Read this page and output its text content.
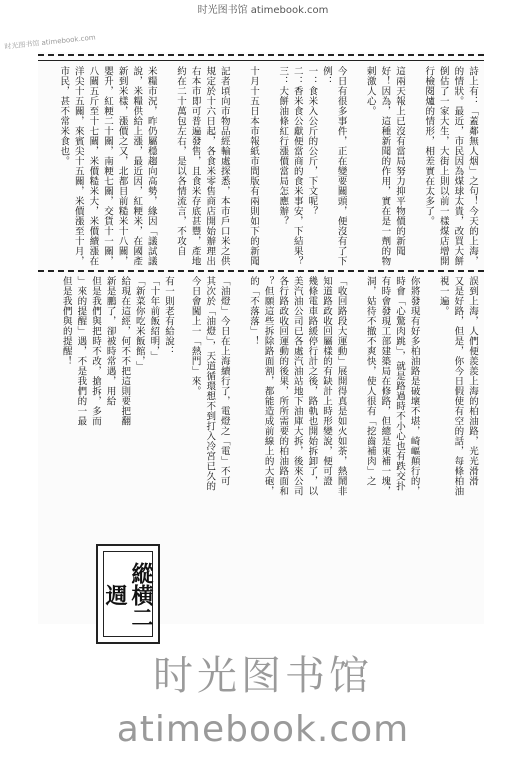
时光图书馆 atimebook.com
时光图书馆 atimebook.com
詩上有：「蓋鄰無人烟」之句！今天的上海，
的情狀。最近，市民因為煤球太貴，改買大餅
倒估了一家大生，大街上則以前一樣煤店增開
行檢閱爐的情形，相差實在太多了。
這兩天報上已沒有當局努力抑平物價的新聞
好！因為，這種新聞的作用，實在是一劑的物
剌激人心。
今日有很多事件，正在變要關頭，便沒有了下
例：
一：食米入公斤的公斤，下文呢？
二：香米食公獻便當商的食米事安，下結果？
三：大餅油條紅行漲價當局怎應辦？
十月十五日本市報紙市間版有兩則如下的新聞
記者頃向市物品經輸處探悉，本市戶口米之供
規定於十六日起，各食米零售商店開始辦理出
右本市即可普遍發售，且食米存底甚豐，產地
約在二十萬包左右，是以各情流言，不攻自
米糧市況，昨仍屬穩趨向高勢，緣因「議試議
說，米糧供給上漲，最近因，紅粳米，在國產
新到米樣，漲價之又，北都目前糙米十八關，
嬰升，紅粳二十關，南粳七關，交貨十一關，
八關五斤至十七關，米價糙米大，米價續漲在
洋尖十五關，來賓尖十五關，米價漲至十月，
市民，甚不常米食也。
誤到上海，人們便羨羨上海的柏油路，光光滑滑
又是好路，但是，你今日假使有空的話，每條柏油
視一遍。
你將發現有好多柏油路是破壞不堪，崎嶇顛行的，
時會「心驚肉跳」，就是路過時不小心也有跌交扑
有時會發現工部建築局在修路，但總是東補一塊，
洞，姑待不撤不爽快，使人很有「挖齒補肉」之
「收回路段大運動」展開得真是如火如荼，熱鬧非
知道路政收回屬樣的有缺計上時形變說，便可證
幾條電車路緩停行計之後，路軌也開始拆卸了，以
美汽油公司已各處汽油站地下油庫大拆，後來公司
各行路政收回運動的後果，所所需要的柏油路面和
？但願這些拆除路面割，都能造成前線上的大砲，
的「不落落」！
「油燈」今日在上海續行了，電燈之「電」不可
其次於「油燈」，天道循環想不到打入冷宮已久的
今日會闖上一「熱門」來。
有一則老有給說：
「十年前飯紹明，」
「新菜你吃米飯館，」
給現在這經，何不不把這則要把翻
新是鵬了，卻被時常遇，用給
但是我們與把時不改，搶拆，多而
」來的提醒」遇，不是我們的一最
但是我們與的提醒！
縱横二週
时光图书馆
atimebook.com
